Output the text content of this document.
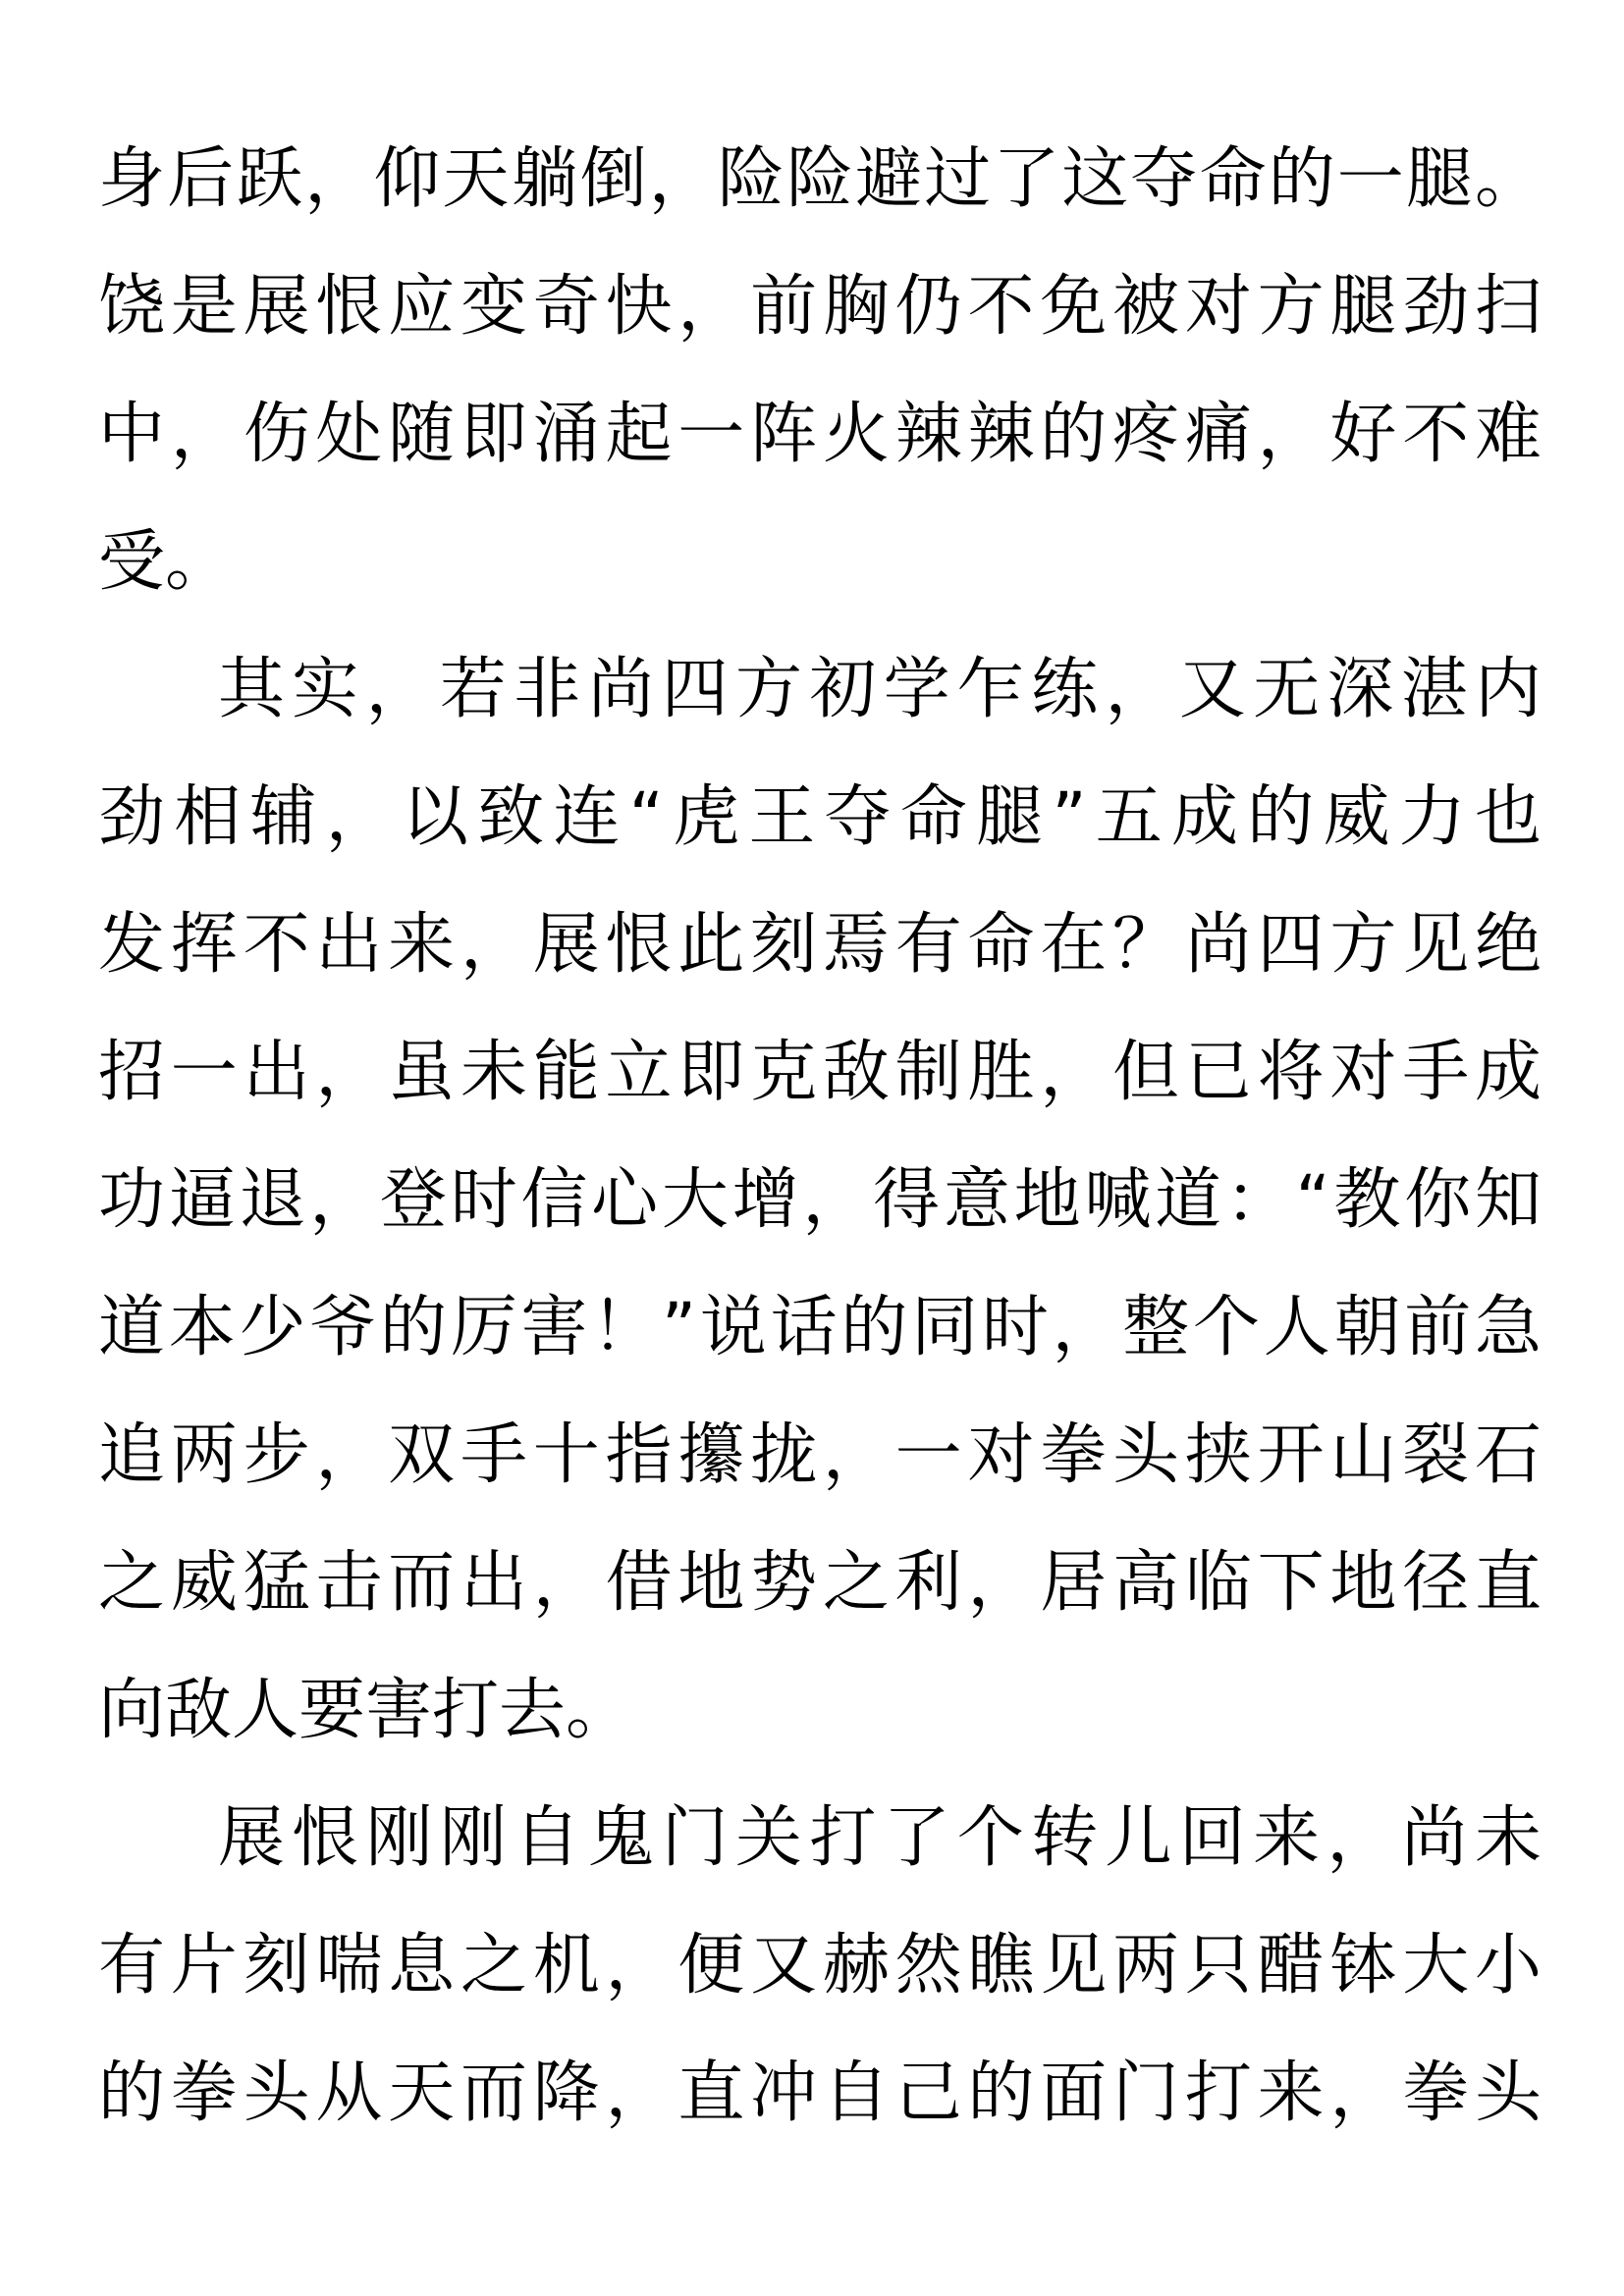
身后跃，仰天躺倒，险险避过了这夺命的一腿。
饶是展恨应变奇快，前胸仍不免被对方腿劲扫
中，伤处随即涌起一阵火辣辣的疼痛，好不难
受。
其实，若非尚四方初学乍练，又无深湛内
劲相辅，以致连“虎王夺命腿”五成的威力也
发挥不出来，展恨此刻焉有命在？尚四方见绝
招一出，虽未能立即克敌制胜，但已将对手成
功逼退，登时信心大增，得意地喊道：“教你知
道本少爷的厉害！”说话的同时，整个人朝前急
追两步，双手十指攥拢，一对拳头挟开山裂石
之威猛击而出，借地势之利，居高临下地径直
向敌人要害打去。
展恨刚刚自鬼门关打了个转儿回来，尚未
有片刻喘息之机，便又赫然瞧见两只醋钵大小
的拳头从天而降，直冲自己的面门打来，拳头
